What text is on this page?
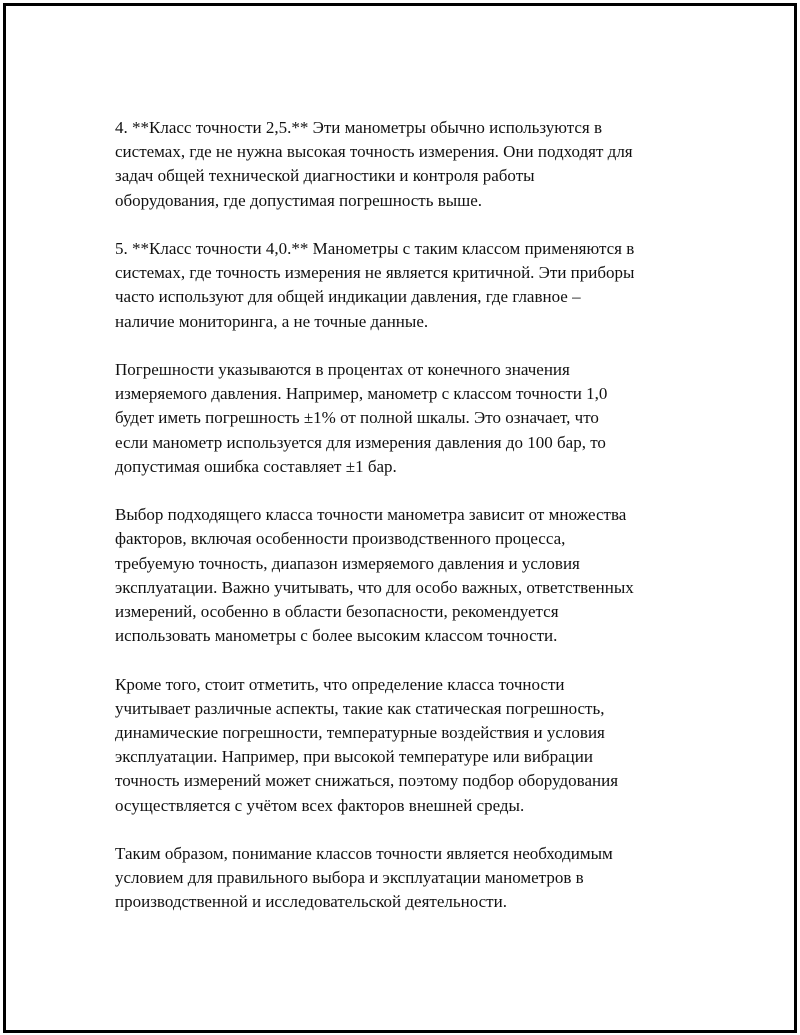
4. **Класс точности 2,5.** Эти манометры обычно используются в
системах, где не нужна высокая точность измерения. Они подходят для
задач общей технической диагностики и контроля работы
оборудования, где допустимая погрешность выше.
5. **Класс точности 4,0.** Манометры с таким классом применяются в
системах, где точность измерения не является критичной. Эти приборы
часто используют для общей индикации давления, где главное –
наличие мониторинга, а не точные данные.
Погрешности указываются в процентах от конечного значения
измеряемого давления. Например, манометр с классом точности 1,0
будет иметь погрешность ±1% от полной шкалы. Это означает, что
если манометр используется для измерения давления до 100 бар, то
допустимая ошибка составляет ±1 бар.
Выбор подходящего класса точности манометра зависит от множества
факторов, включая особенности производственного процесса,
требуемую точность, диапазон измеряемого давления и условия
эксплуатации. Важно учитывать, что для особо важных, ответственных
измерений, особенно в области безопасности, рекомендуется
использовать манометры с более высоким классом точности.
Кроме того, стоит отметить, что определение класса точности
учитывает различные аспекты, такие как статическая погрешность,
динамические погрешности, температурные воздействия и условия
эксплуатации. Например, при высокой температуре или вибрации
точность измерений может снижаться, поэтому подбор оборудования
осуществляется с учётом всех факторов внешней среды.
Таким образом, понимание классов точности является необходимым
условием для правильного выбора и эксплуатации манометров в
производственной и исследовательской деятельности.
